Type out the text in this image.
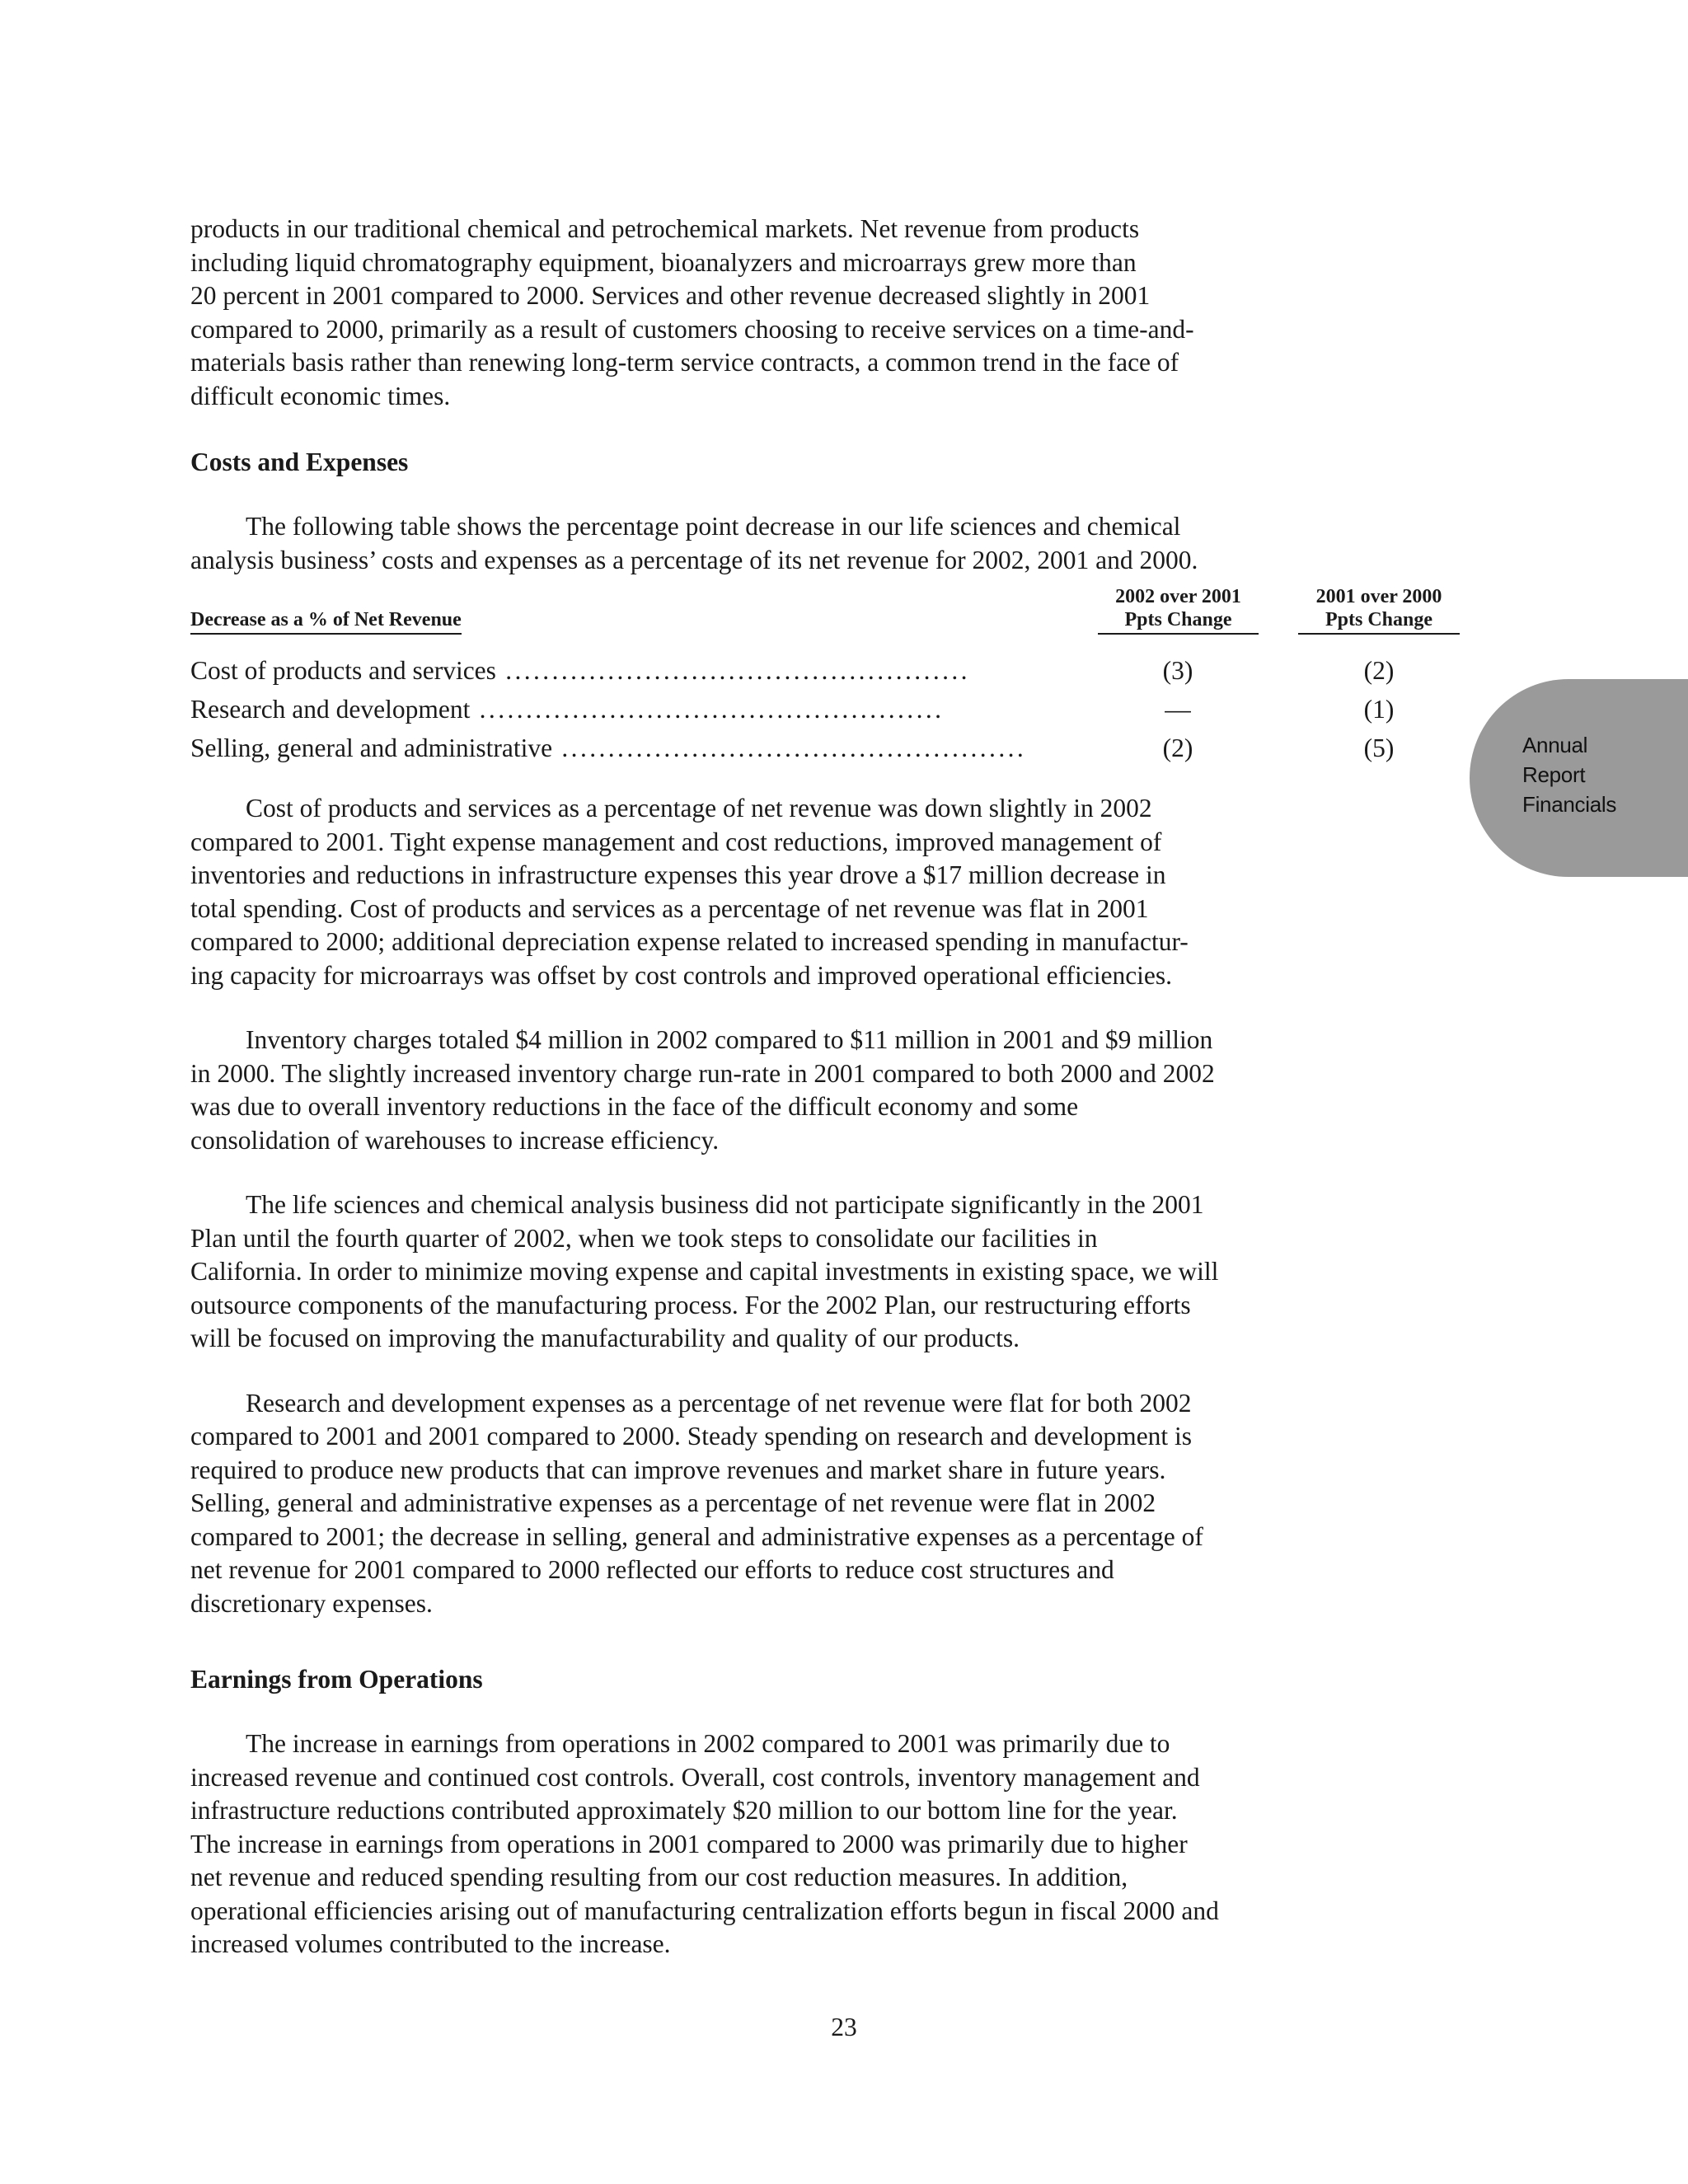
products in our traditional chemical and petrochemical markets. Net revenue from products
including liquid chromatography equipment, bioanalyzers and microarrays grew more than
20 percent in 2001 compared to 2000. Services and other revenue decreased slightly in 2001
compared to 2000, primarily as a result of customers choosing to receive services on a time-and-
materials basis rather than renewing long-term service contracts, a common trend in the face of
difficult economic times.

Costs and Expenses

The following table shows the percentage point decrease in our life sciences and chemical
analysis business’ costs and expenses as a percentage of its net revenue for 2002, 2001 and 2000.

Decrease as a % of Net Revenue
2002 over 2001
Ppts Change
2001 over 2000
Ppts Change
Cost of products and services ..................................................	(3)	(2)
Research and development ..................................................	—	(1)
Selling, general and administrative ..................................................	(2)	(5)

Cost of products and services as a percentage of net revenue was down slightly in 2002
compared to 2001. Tight expense management and cost reductions, improved management of
inventories and reductions in infrastructure expenses this year drove a $17 million decrease in
total spending. Cost of products and services as a percentage of net revenue was flat in 2001
compared to 2000; additional depreciation expense related to increased spending in manufactur-
ing capacity for microarrays was offset by cost controls and improved operational efficiencies.

Inventory charges totaled $4 million in 2002 compared to $11 million in 2001 and $9 million
in 2000. The slightly increased inventory charge run-rate in 2001 compared to both 2000 and 2002
was due to overall inventory reductions in the face of the difficult economy and some
consolidation of warehouses to increase efficiency.

The life sciences and chemical analysis business did not participate significantly in the 2001
Plan until the fourth quarter of 2002, when we took steps to consolidate our facilities in
California. In order to minimize moving expense and capital investments in existing space, we will
outsource components of the manufacturing process. For the 2002 Plan, our restructuring efforts
will be focused on improving the manufacturability and quality of our products.

Research and development expenses as a percentage of net revenue were flat for both 2002
compared to 2001 and 2001 compared to 2000. Steady spending on research and development is
required to produce new products that can improve revenues and market share in future years.
Selling, general and administrative expenses as a percentage of net revenue were flat in 2002
compared to 2001; the decrease in selling, general and administrative expenses as a percentage of
net revenue for 2001 compared to 2000 reflected our efforts to reduce cost structures and
discretionary expenses.

Earnings from Operations

The increase in earnings from operations in 2002 compared to 2001 was primarily due to
increased revenue and continued cost controls. Overall, cost controls, inventory management and
infrastructure reductions contributed approximately $20 million to our bottom line for the year.
The increase in earnings from operations in 2001 compared to 2000 was primarily due to higher
net revenue and reduced spending resulting from our cost reduction measures. In addition,
operational efficiencies arising out of manufacturing centralization efforts begun in fiscal 2000 and
increased volumes contributed to the increase.

Annual
Report
Financials
23
